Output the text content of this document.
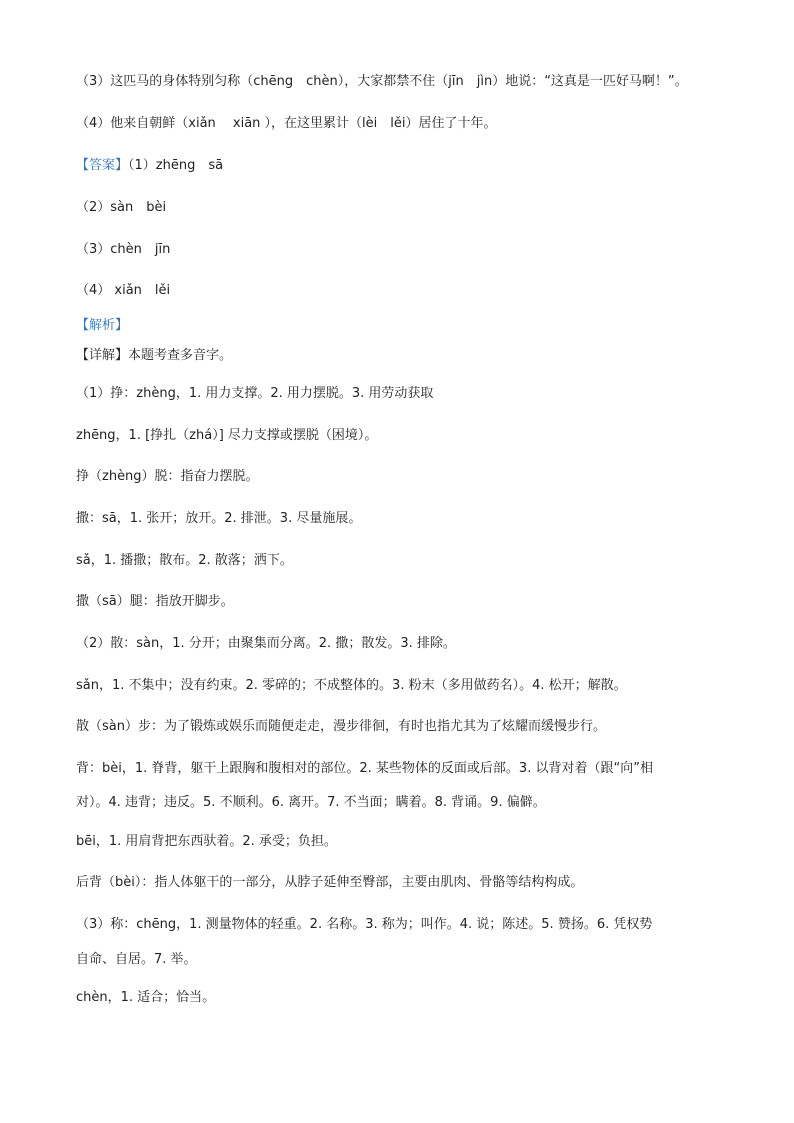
（3）这匹马的身体特别匀称（chēng　chèn），大家都禁不住（jīn　jìn）地说：“这真是一匹好马啊！”。
（4）他来自朝鲜（xiǎn　 xiān ），在这里累计（lèi　lěi）居住了十年。
【答案】（1）zhēng　sā
（2）sàn　bèi
（3）chèn　jīn
（4） xiǎn　lěi
【解析】
【详解】本题考查多音字。
（1）挣：zhèng，1. 用力支撑。2. 用力摆脱。3. 用劳动获取
zhēng，1. [挣扎（zhá）] 尽力支撑或摆脱（困境）。
挣（zhèng）脱：指奋力摆脱。
撒：sā，1. 张开；放开。2. 排泄。3. 尽量施展。
sǎ，1. 播撒；散布。2. 散落；洒下。
撒（sā）腿：指放开脚步。
（2）散：sàn，1. 分开；由聚集而分离。2. 撒；散发。3. 排除。
sǎn，1. 不集中；没有约束。2. 零碎的；不成整体的。3. 粉末（多用做药名）。4. 松开；解散。
散（sàn）步：为了锻炼或娱乐而随便走走，漫步徘徊，有时也指尤其为了炫耀而缓慢步行。
背：bèi，1. 脊背，躯干上跟胸和腹相对的部位。2. 某些物体的反面或后部。3. 以背对着（跟“向”相
对）。4. 违背；违反。5. 不顺利。6. 离开。7. 不当面；瞒着。8. 背诵。9. 偏僻。
bēi，1. 用肩背把东西驮着。2. 承受；负担。
后背（bèi）：指人体躯干的一部分，从脖子延伸至臀部，主要由肌肉、骨骼等结构构成。
（3）称：chēng，1. 测量物体的轻重。2. 名称。3. 称为；叫作。4. 说；陈述。5. 赞扬。6. 凭权势
自命、自居。7. 举。
chèn，1. 适合；恰当。
